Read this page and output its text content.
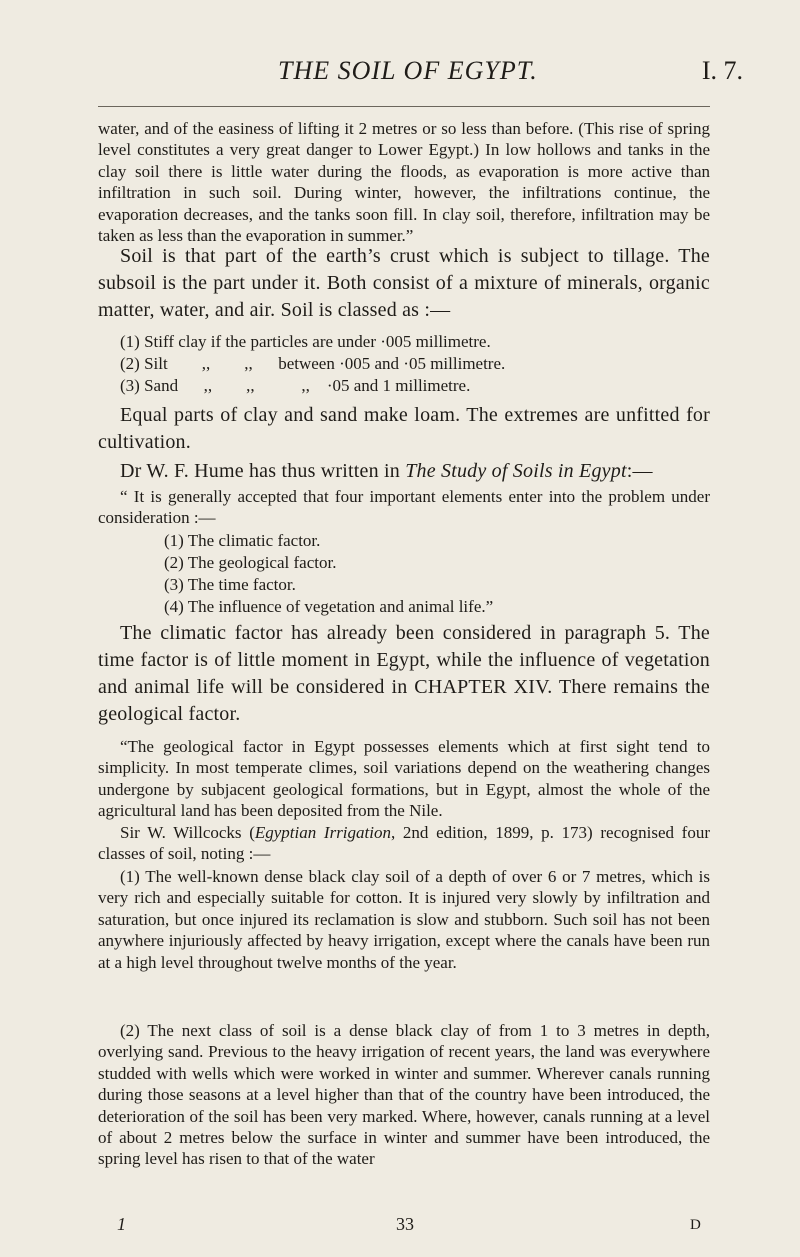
THE SOIL OF EGYPT.	I. 7.

water, and of the easiness of lifting it 2 metres or so less than before. (This rise of spring level constitutes a very great danger to Lower Egypt.) In low hollows and tanks in the clay soil there is little water during the floods, as evaporation is more active than infiltration in such soil. During winter, however, the infiltrations continue, the evaporation decreases, and the tanks soon fill. In clay soil, therefore, infiltration may be taken as less than the evaporation in summer.”

Soil is that part of the earth’s crust which is subject to tillage. The subsoil is the part under it. Both consist of a mixture of minerals, organic matter, water, and air. Soil is classed as :—

(1) Stiff clay if the particles are under ·005 millimetre.
(2) Silt        ,,        ,,      between ·005 and ·05 millimetre.
(3) Sand      ,,        ,,           ,,    ·05 and 1 millimetre.

Equal parts of clay and sand make loam. The extremes are unfitted for cultivation.

Dr W. F. Hume has thus written in The Study of Soils in Egypt:—

“ It is generally accepted that four important elements enter into the problem under consideration :—

(1) The climatic factor.
(2) The geological factor.
(3) The time factor.
(4) The influence of vegetation and animal life.”

The climatic factor has already been considered in paragraph 5. The time factor is of little moment in Egypt, while the influence of vegetation and animal life will be considered in CHAPTER XIV. There remains the geological factor.

“The geological factor in Egypt possesses elements which at first sight tend to simplicity. In most temperate climes, soil variations depend on the weathering changes undergone by subjacent geological formations, but in Egypt, almost the whole of the agricultural land has been deposited from the Nile.

Sir W. Willcocks (Egyptian Irrigation, 2nd edition, 1899, p. 173) recognised four classes of soil, noting :—

(1) The well-known dense black clay soil of a depth of over 6 or 7 metres, which is very rich and especially suitable for cotton. It is injured very slowly by infiltration and saturation, but once injured its reclamation is slow and stubborn. Such soil has not been anywhere injuriously affected by heavy irrigation, except where the canals have been run at a high level throughout twelve months of the year.

(2) The next class of soil is a dense black clay of from 1 to 3 metres in depth, overlying sand. Previous to the heavy irrigation of recent years, the land was everywhere studded with wells which were worked in winter and summer. Wherever canals running during those seasons at a level higher than that of the country have been introduced, the deterioration of the soil has been very marked. Where, however, canals running at a level of about 2 metres below the surface in winter and summer have been introduced, the spring level has risen to that of the water

1	33	D
